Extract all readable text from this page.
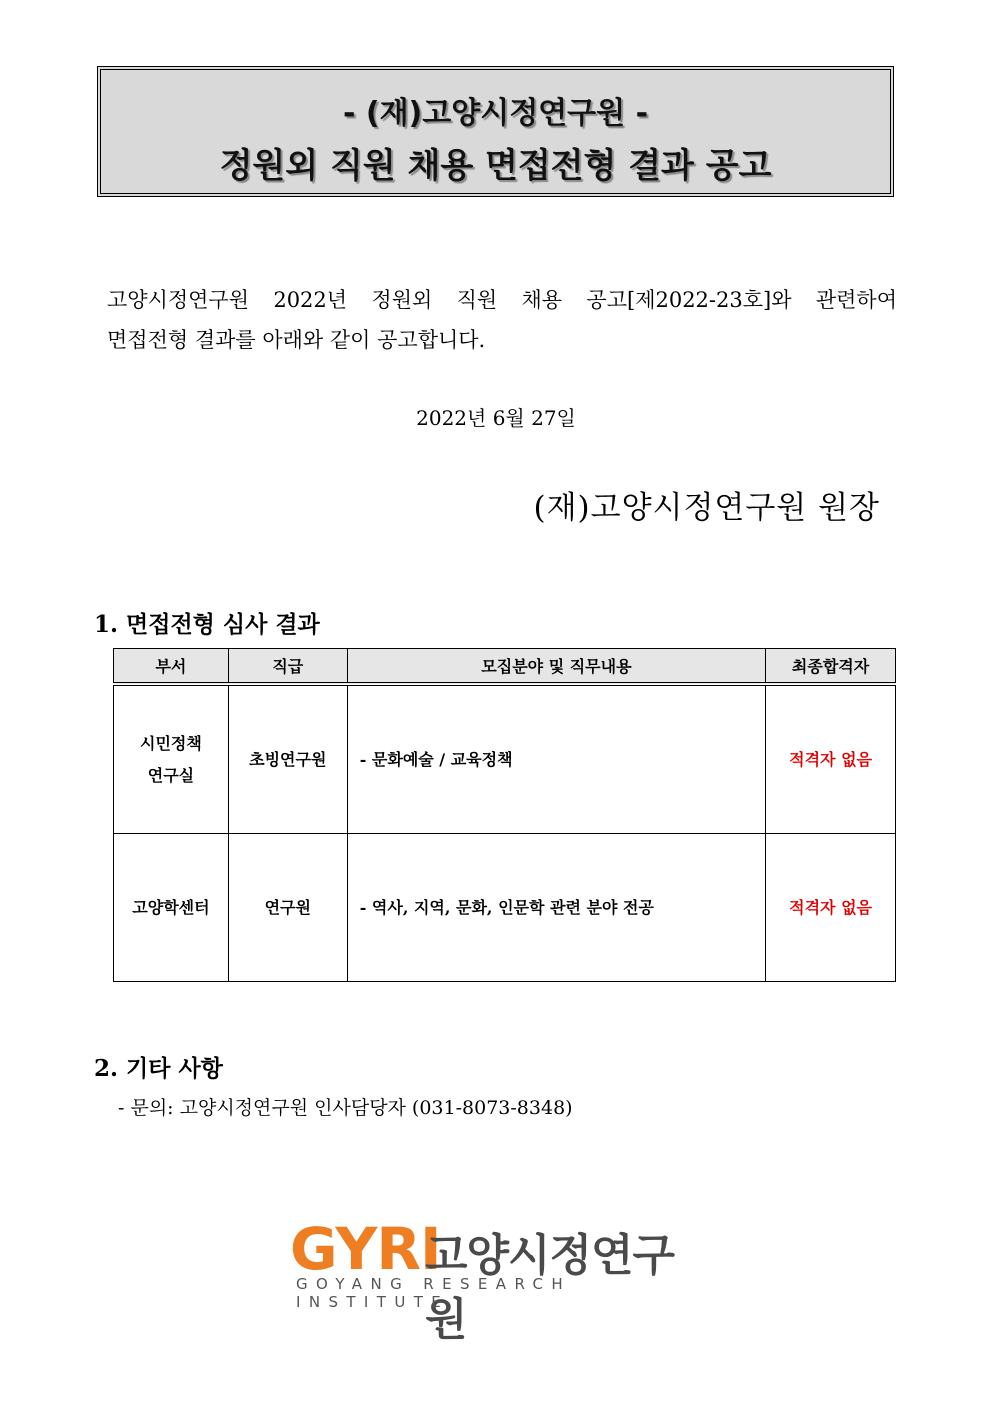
- (재)고양시정연구원 -
정원외 직원 채용 면접전형 결과 공고
고양시정연구원 2022년 정원외 직원 채용 공고[제2022-23호]와 관련하여
면접전형 결과를 아래와 같이 공고합니다.
2022년 6월 27일
(재)고양시정연구원 원장
1. 면접전형 심사 결과
부서	직급	모집분야 및 직무내용	최종합격자

시민정책
연구실	초빙연구원	- 문화예술 / 교육정책	적격자 없음
고양학센터	연구원	- 역사, 지역, 문화, 인문학 관련 분야 전공	적격자 없음
2. 기타 사항
- 문의: 고양시정연구원 인사담당자 (031-8073-8348)
GYRI
고양시정연구원
GOYANG RESEARCH INSTITUTE
